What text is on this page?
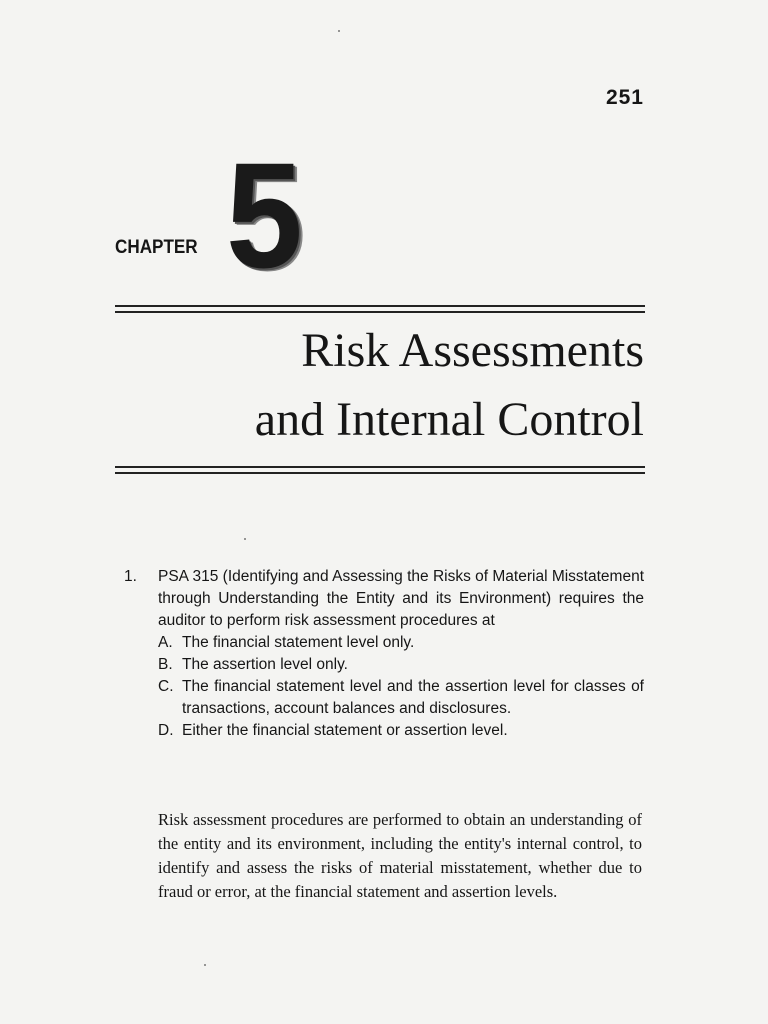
251
CHAPTER 5
Risk Assessments
and Internal Control
1.	PSA 315 (Identifying and Assessing the Risks of Material Misstatement through Understanding the Entity and its Environment) requires the auditor to perform risk assessment procedures at
A. The financial statement level only.
B. The assertion level only.
C. The financial statement level and the assertion level for classes of transactions, account balances and disclosures.
D. Either the financial statement or assertion level.
Risk assessment procedures are performed to obtain an understanding of the entity and its environment, including the entity's internal control, to identify and assess the risks of material misstatement, whether due to fraud or error, at the financial statement and assertion levels.
